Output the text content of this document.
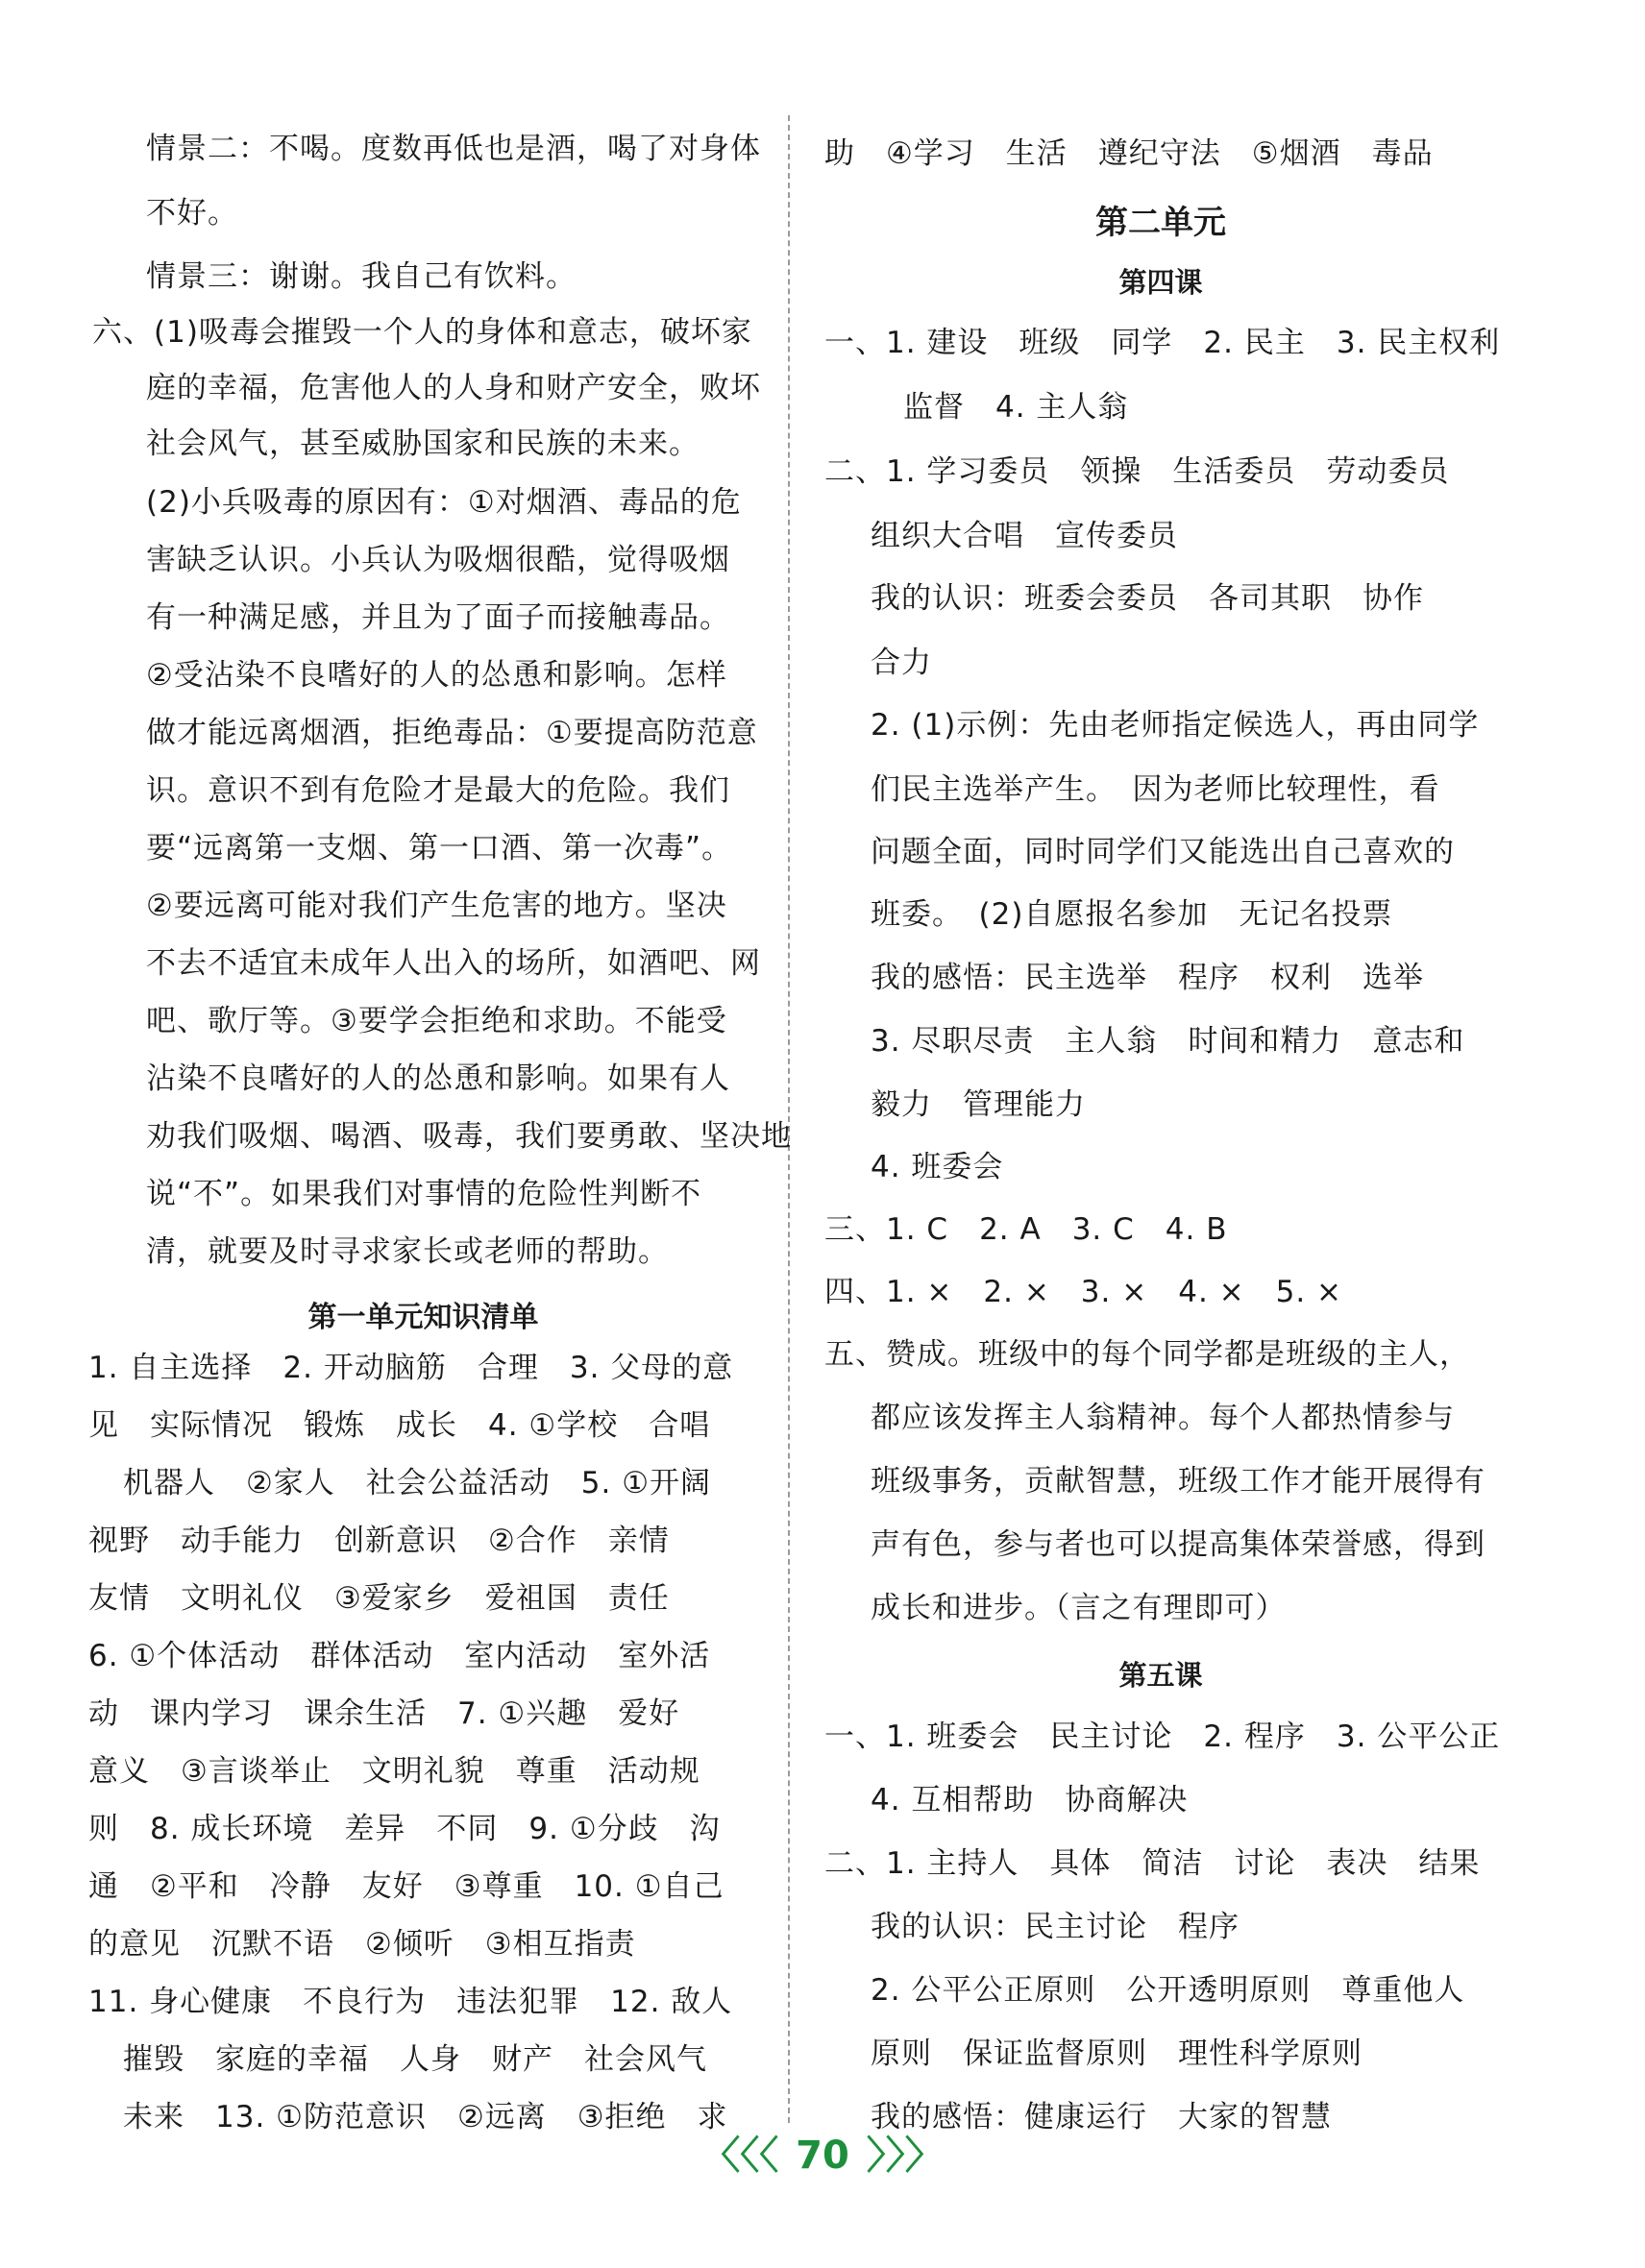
情景二：不喝。度数再低也是酒，喝了对身体
不好。
情景三：谢谢。我自己有饮料。
六、(1)吸毒会摧毁一个人的身体和意志，破坏家
庭的幸福，危害他人的人身和财产安全，败坏
社会风气，甚至威胁国家和民族的未来。
(2)小兵吸毒的原因有：①对烟酒、毒品的危
害缺乏认识。小兵认为吸烟很酷，觉得吸烟
有一种满足感，并且为了面子而接触毒品。
②受沾染不良嗜好的人的怂恿和影响。怎样
做才能远离烟酒，拒绝毒品：①要提高防范意
识。意识不到有危险才是最大的危险。我们
要“远离第一支烟、第一口酒、第一次毒”。
②要远离可能对我们产生危害的地方。坚决
不去不适宜未成年人出入的场所，如酒吧、网
吧、歌厅等。③要学会拒绝和求助。不能受
沾染不良嗜好的人的怂恿和影响。如果有人
劝我们吸烟、喝酒、吸毒，我们要勇敢、坚决地
说“不”。如果我们对事情的危险性判断不
清，就要及时寻求家长或老师的帮助。
第一单元知识清单
1. 自主选择　2. 开动脑筋　合理　3. 父母的意
见　实际情况　锻炼　成长　4. ①学校　合唱
机器人　②家人　社会公益活动　5. ①开阔
视野　动手能力　创新意识　②合作　亲情
友情　文明礼仪　③爱家乡　爱祖国　责任
6. ①个体活动　群体活动　室内活动　室外活
动　课内学习　课余生活　7. ①兴趣　爱好
意义　③言谈举止　文明礼貌　尊重　活动规
则　8. 成长环境　差异　不同　9. ①分歧　沟
通　②平和　冷静　友好　③尊重　10. ①自己
的意见　沉默不语　②倾听　③相互指责
11. 身心健康　不良行为　违法犯罪　12. 敌人
摧毁　家庭的幸福　人身　财产　社会风气
未来　13. ①防范意识　②远离　③拒绝　求
助　④学习　生活　遵纪守法　⑤烟酒　毒品
第二单元
第四课
一、1. 建设　班级　同学　2. 民主　3. 民主权利
监督　4. 主人翁
二、1. 学习委员　领操　生活委员　劳动委员
组织大合唱　宣传委员
我的认识：班委会委员　各司其职　协作
合力
2. (1)示例：先由老师指定候选人，再由同学
们民主选举产生。　因为老师比较理性，看
问题全面，同时同学们又能选出自己喜欢的
班委。　(2)自愿报名参加　无记名投票
我的感悟：民主选举　程序　权利　选举
3. 尽职尽责　主人翁　时间和精力　意志和
毅力　管理能力
4. 班委会
三、1. C　2. A　3. C　4. B
四、1. ×　2. ×　3. ×　4. ×　5. ×
五、赞成。班级中的每个同学都是班级的主人，
都应该发挥主人翁精神。每个人都热情参与
班级事务，贡献智慧，班级工作才能开展得有
声有色，参与者也可以提高集体荣誉感，得到
成长和进步。（言之有理即可）
第五课
一、1. 班委会　民主讨论　2. 程序　3. 公平公正
4. 互相帮助　协商解决
二、1. 主持人　具体　简洁　讨论　表决　结果
我的认识：民主讨论　程序
2. 公平公正原则　公开透明原则　尊重他人
原则　保证监督原则　理性科学原则
我的感悟：健康运行　大家的智慧
〈〈〈 70 〉〉〉
